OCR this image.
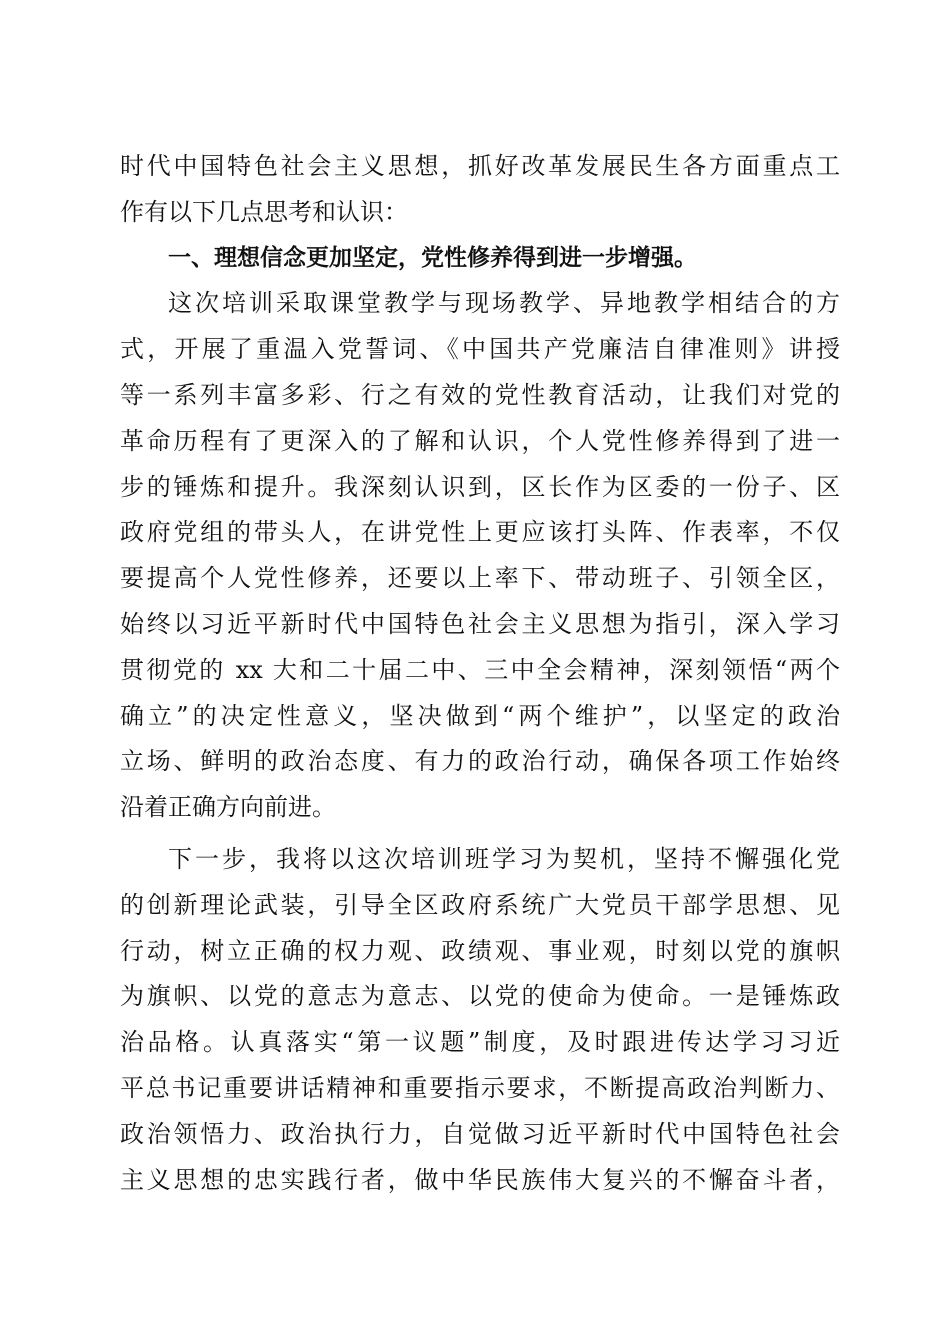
时代中国特色社会主义思想，抓好改革发展民生各方面重点工
作有以下几点思考和认识：
一、理想信念更加坚定，党性修养得到进一步增强。
这次培训采取课堂教学与现场教学、异地教学相结合的方
式，开展了重温入党誓词、《中国共产党廉洁自律准则》讲授
等一系列丰富多彩、行之有效的党性教育活动，让我们对党的
革命历程有了更深入的了解和认识，个人党性修养得到了进一
步的锤炼和提升。我深刻认识到，区长作为区委的一份子、区
政府党组的带头人，在讲党性上更应该打头阵、作表率，不仅
要提高个人党性修养，还要以上率下、带动班子、引领全区，
始终以习近平新时代中国特色社会主义思想为指引，深入学习
贯彻党的 xx 大和二十届二中、三中全会精神，深刻领悟“两个
确立”的决定性意义，坚决做到“两个维护”，以坚定的政治
立场、鲜明的政治态度、有力的政治行动，确保各项工作始终
沿着正确方向前进。
下一步，我将以这次培训班学习为契机，坚持不懈强化党
的创新理论武装，引导全区政府系统广大党员干部学思想、见
行动，树立正确的权力观、政绩观、事业观，时刻以党的旗帜
为旗帜、以党的意志为意志、以党的使命为使命。一是锤炼政
治品格。认真落实“第一议题”制度，及时跟进传达学习习近
平总书记重要讲话精神和重要指示要求，不断提高政治判断力、
政治领悟力、政治执行力，自觉做习近平新时代中国特色社会
主义思想的忠实践行者，做中华民族伟大复兴的不懈奋斗者，
